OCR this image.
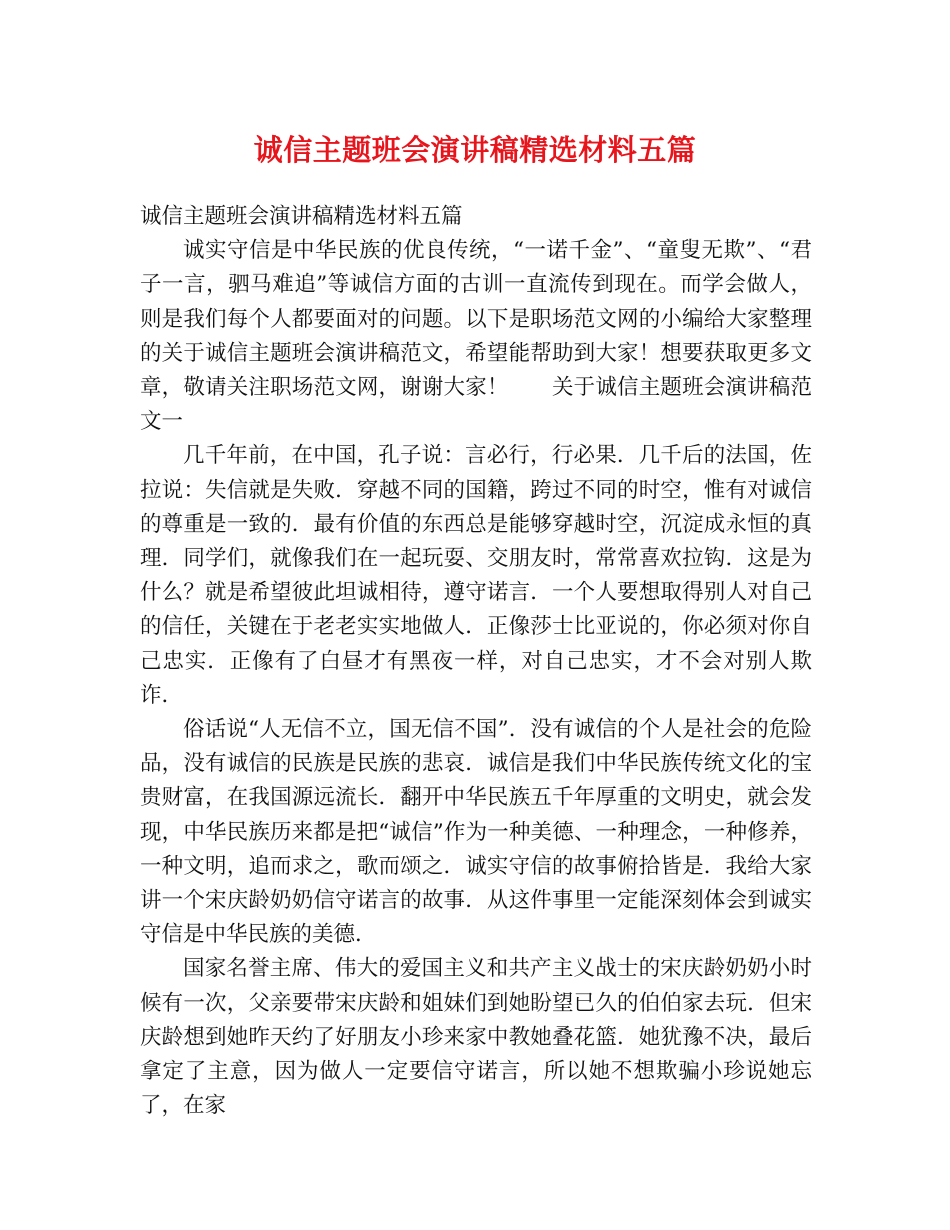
诚信主题班会演讲稿精选材料五篇

诚信主题班会演讲稿精选材料五篇

诚实守信是中华民族的优良传统，“一诺千金”、“童叟无欺”、“君子一言，驷马难追”等诚信方面的古训一直流传到现在。而学会做人，则是我们每个人都要面对的问题。以下是职场范文网的小编给大家整理的关于诚信主题班会演讲稿范文，希望能帮助到大家！想要获取更多文章，敬请关注职场范文网，谢谢大家！　　关于诚信主题班会演讲稿范文一

几千年前，在中国，孔子说：言必行，行必果．几千后的法国，佐拉说：失信就是失败．穿越不同的国籍，跨过不同的时空，惟有对诚信的尊重是一致的．最有价值的东西总是能够穿越时空，沉淀成永恒的真理．同学们，就像我们在一起玩耍、交朋友时，常常喜欢拉钩．这是为什么？就是希望彼此坦诚相待，遵守诺言．一个人要想取得别人对自己的信任，关键在于老老实实地做人．正像莎士比亚说的，你必须对你自己忠实．正像有了白昼才有黑夜一样，对自己忠实，才不会对别人欺诈．

俗话说“人无信不立，国无信不国”．没有诚信的个人是社会的危险品，没有诚信的民族是民族的悲哀．诚信是我们中华民族传统文化的宝贵财富，在我国源远流长．翻开中华民族五千年厚重的文明史，就会发现，中华民族历来都是把“诚信”作为一种美德、一种理念，一种修养，一种文明，追而求之，歌而颂之．诚实守信的故事俯拾皆是．我给大家讲一个宋庆龄奶奶信守诺言的故事．从这件事里一定能深刻体会到诚实守信是中华民族的美德．

国家名誉主席、伟大的爱国主义和共产主义战士的宋庆龄奶奶小时候有一次，父亲要带宋庆龄和姐妹们到她盼望已久的伯伯家去玩．但宋庆龄想到她昨天约了好朋友小珍来家中教她叠花篮．她犹豫不决，最后拿定了主意，因为做人一定要信守诺言，所以她不想欺骗小珍说她忘了，在家
